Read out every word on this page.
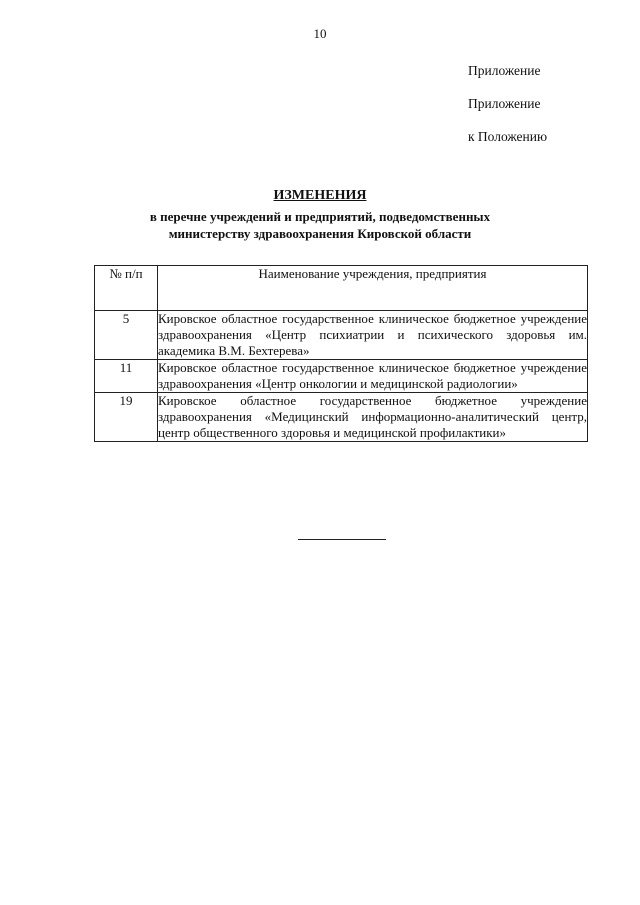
10
Приложение
Приложение
к Положению
ИЗМЕНЕНИЯ
в перечне учреждений и предприятий, подведомственных
министерству здравоохранения Кировской области
№ п/п	Наименование учреждения, предприятия
5	Кировское областное государственное клиническое бюджетное учреждение здравоохранения «Центр психиатрии и психического здоровья им. академика В.М. Бехтерева»
11	Кировское областное государственное клиническое бюджетное учреждение здравоохранения «Центр онкологии и медицинской радиологии»
19	Кировское областное государственное бюджетное учреждение здравоохранения «Медицинский информационно-аналитический центр, центр общественного здоровья и медицинской профилактики»
